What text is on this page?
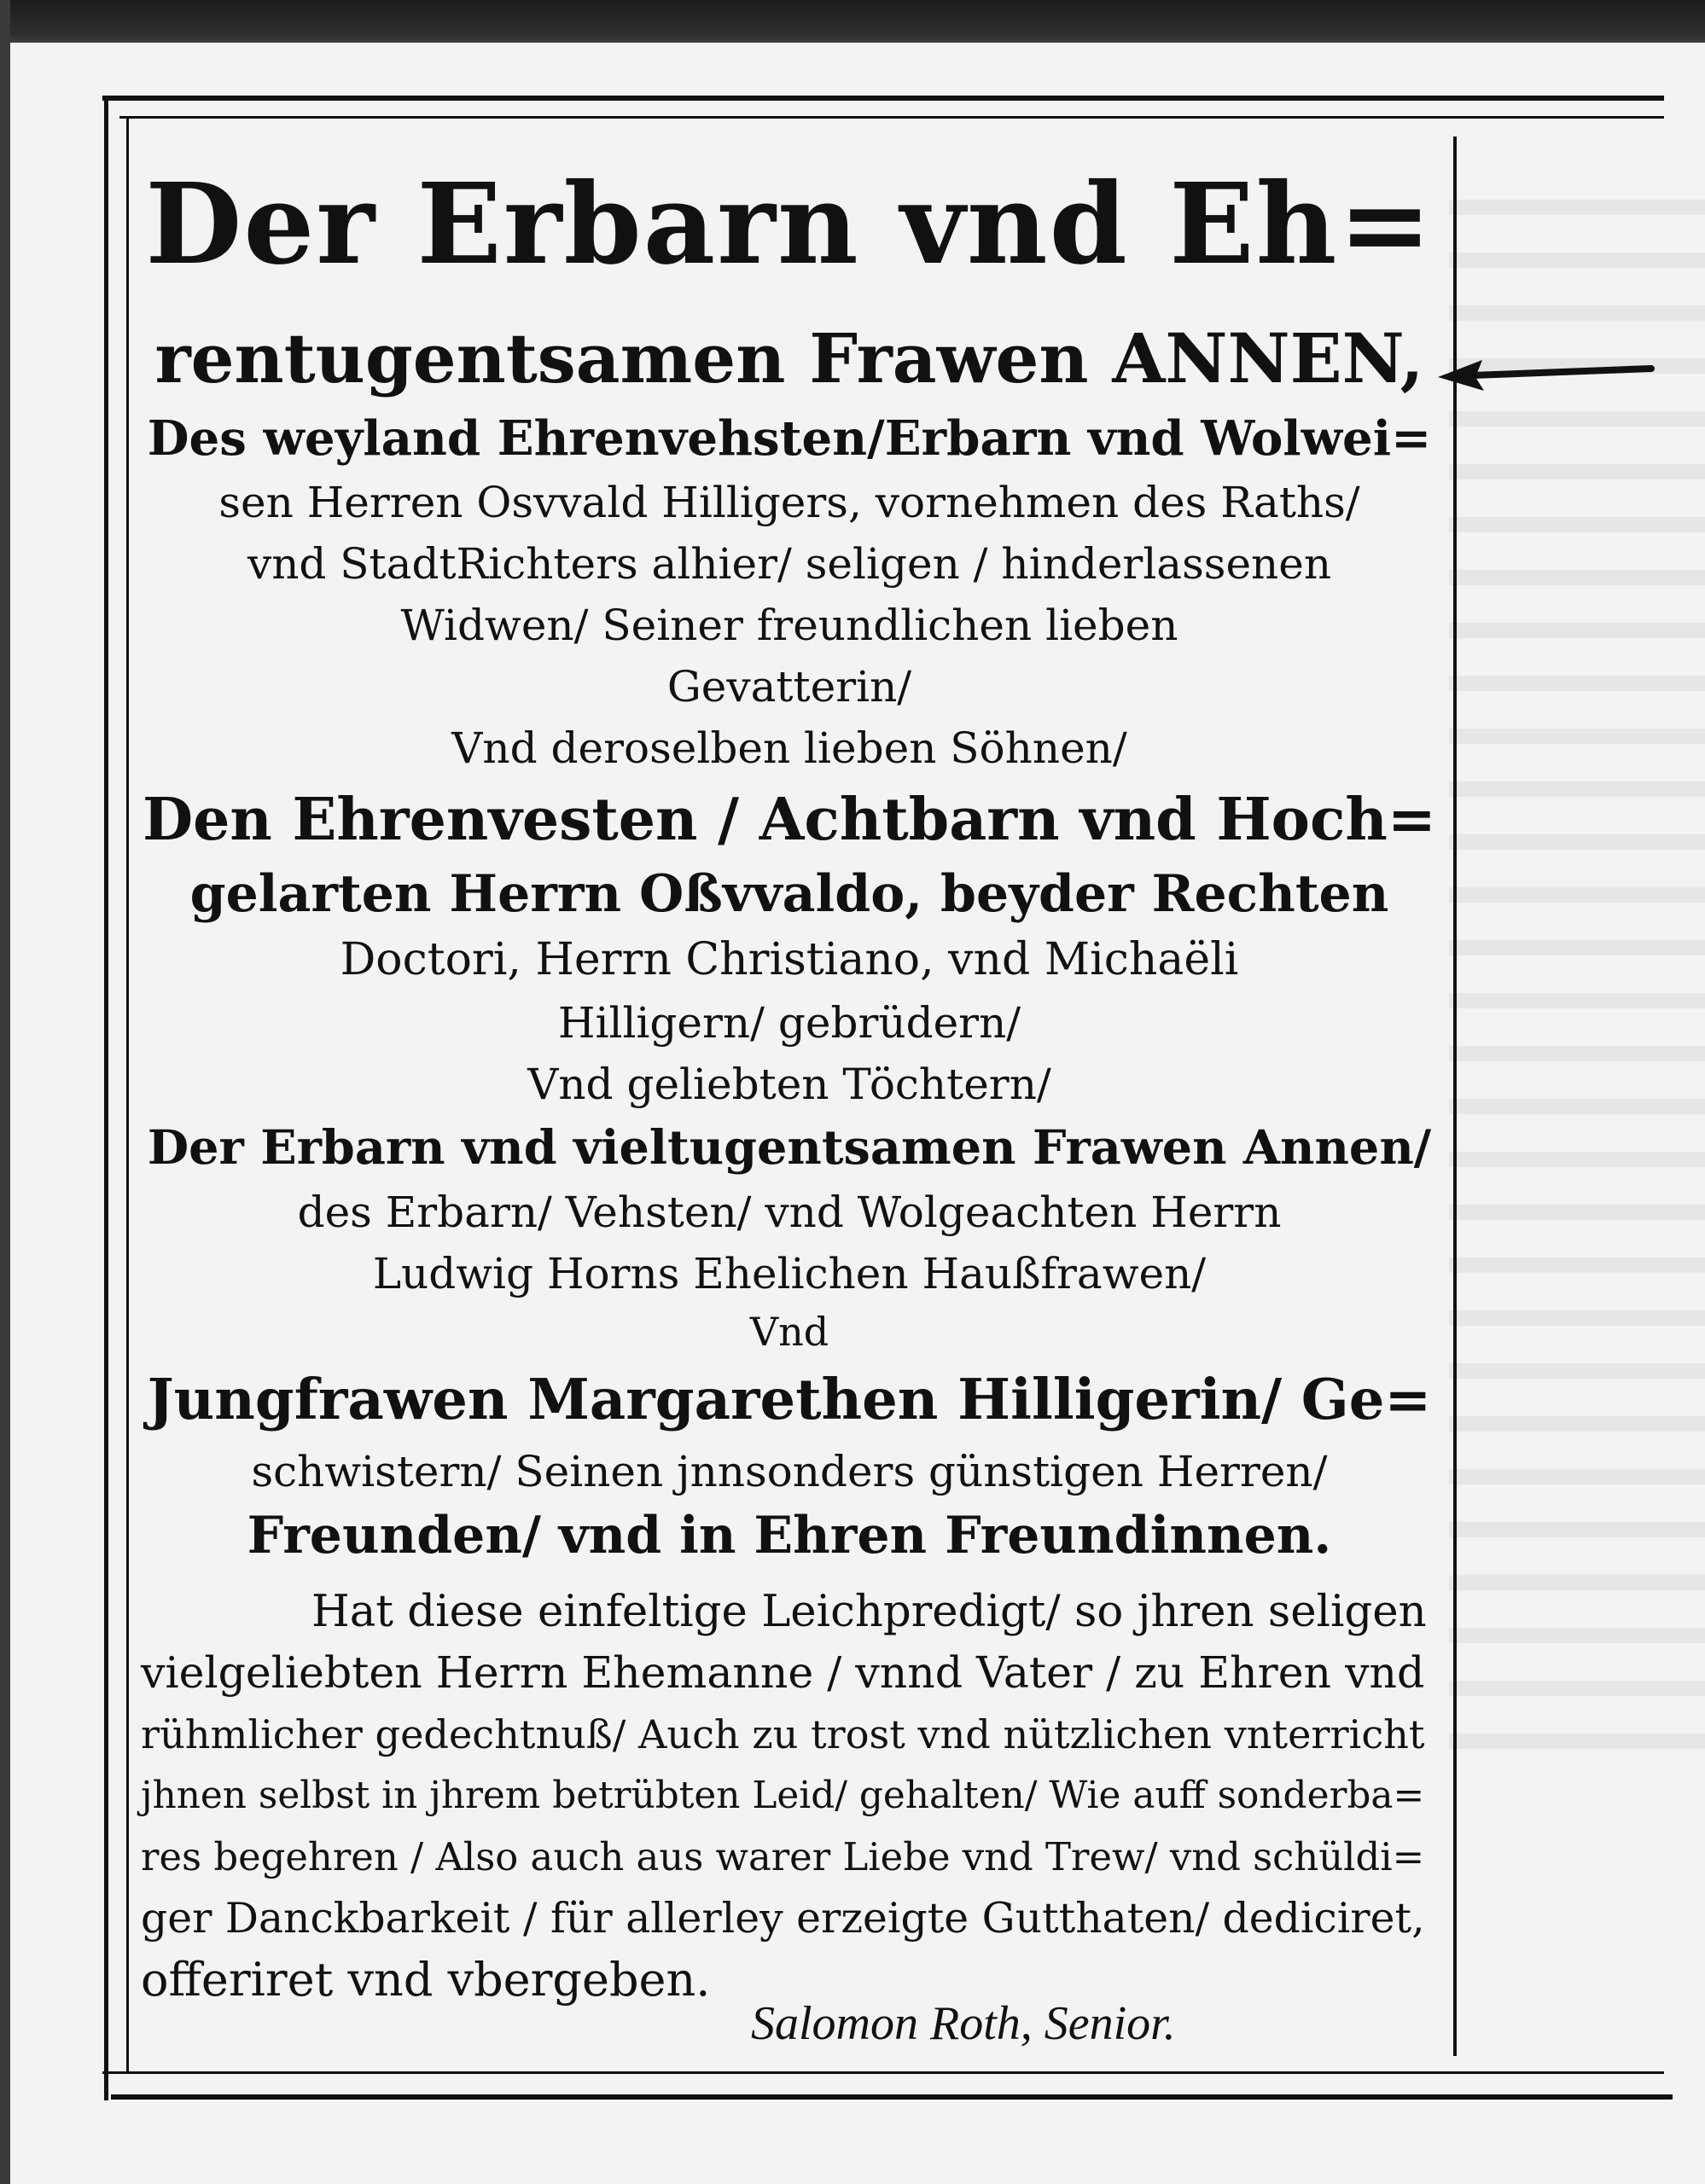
Der Erbarn vnd Eh=
rentugentsamen Frawen ANNEN,
Des weyland Ehrenvehsten/Erbarn vnd Wolwei=
sen Herren Osvvald Hilligers, vornehmen des Raths/
vnd StadtRichters alhier/ seligen / hinderlassenen
Widwen/ Seiner freundlichen lieben
Gevatterin/
Vnd deroselben lieben Söhnen/
Den Ehrenvesten / Achtbarn vnd Hoch=
gelarten Herrn Oßvvaldo, beyder Rechten
Doctori, Herrn Christiano, vnd Michaëli
Hilligern/ gebrüdern/
Vnd geliebten Töchtern/
Der Erbarn vnd vieltugentsamen Frawen Annen/
des Erbarn/ Vehsten/ vnd Wolgeachten Herrn
Ludwig Horns Ehelichen Haußfrawen/
Vnd
Jungfrawen Margarethen Hilligerin/ Ge=
schwistern/ Seinen jnnsonders günstigen Herren/
Freunden/ vnd in Ehren Freundinnen.
Hat diese einfeltige Leichpredigt/ so jhren seligen
vielgeliebten Herrn Ehemanne / vnnd Vater / zu Ehren vnd
rühmlicher gedechtnuß/ Auch zu trost vnd nützlichen vnterricht
jhnen selbst in jhrem betrübten Leid/ gehalten/ Wie auff sonderba=
res begehren / Also auch aus warer Liebe vnd Trew/ vnd schüldi=
ger Danckbarkeit / für allerley erzeigte Gutthaten/ dediciret,
offeriret vnd vbergeben.
Salomon Roth, Senior.
